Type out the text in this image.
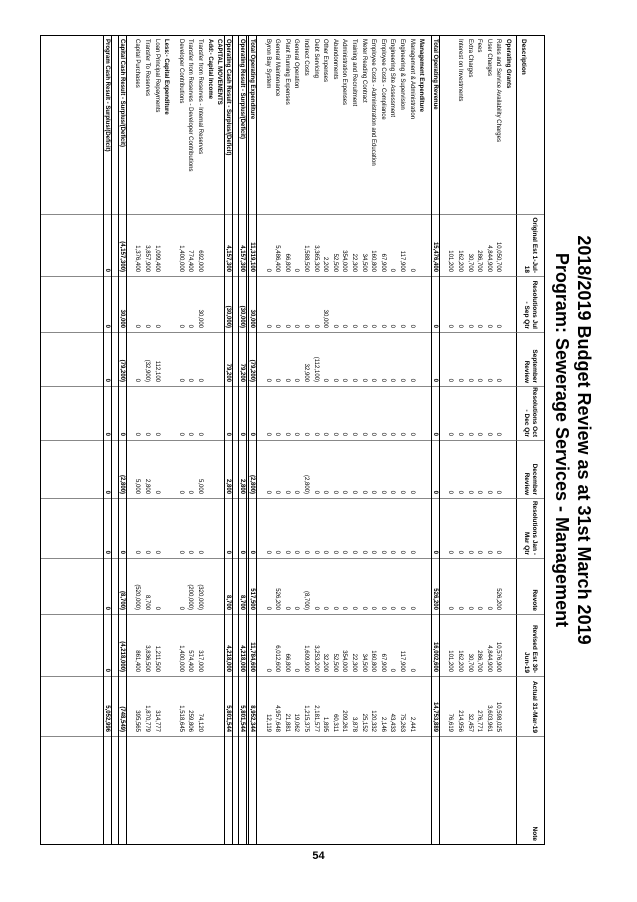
2018/2019 Budget Review as at 31st March 2019
Program: Sewerage Services - Management
Description
Original Est 1-Jul-18
Resolutions Jul - Sep Qtr
September Review
Resolutions Oct - Dec Qtr
December Review
Resolutions Jan - Mar Qtr
Revote
Revised Est 30-Jun-19
Actual 31-Mar-19
Note
Operating Grants
Rates and Service Availability Charges
10,050,700
0
0
0
0
0
526,200
10,576,900
10,598,025
User Charges
4,844,900
0
0
0
0
0
0
4,844,900
3,603,961
Fees
286,700
0
0
0
0
0
0
286,700
276,771
Extra Charges
30,700
0
0
0
0
0
0
30,700
32,457
Interest on Investments
162,200
0
0
0
0
0
0
162,200
214,956
101,200
0
0
0
0
0
0
101,200
76,619
Total Operating Revenue
15,476,400
0
0
0
0
0
526,200
16,002,600
14,753,889
Management Expenditure
Management & Administration
0
0
0
0
0
0
0
0
2,441
Engineering & Supervision
117,900
0
0
0
0
0
0
117,900
75,263
Engineering Site Assessment
0
0
0
0
0
0
0
0
43,433
Employee Costs - Compliance
67,900
0
0
0
0
0
0
67,900
2,146
Employee Costs - Administration and Education
160,800
0
0
0
0
0
0
160,800
120,332
Meter Reading Contract
34,500
0
0
0
0
0
0
34,500
25,152
Training and Recruitment
22,300
0
0
0
0
0
0
22,300
3,878
Administration Expenses
354,000
0
0
0
0
0
0
354,000
209,261
Abandonments
52,500
0
0
0
0
0
0
52,500
60,311
Other Expenses
2,200
30,000
0
0
0
0
0
32,200
1,895
Debt Servicing
3,365,300
0
(112,100)
0
0
0
0
3,253,200
2,181,577
Indirect Costs
1,588,500
0
32,900
0
(2,800)
0
(8,700)
1,609,900
1,215,375
General Operation
0
0
0
0
0
0
0
0
19,062
Plant Running Expenses
66,800
0
0
0
0
0
0
66,800
21,881
General Maintenance
5,486,400
0
0
0
0
0
526,200
6,012,600
4,957,648
Byron Bay System
0
0
0
0
0
0
0
0
12,119
Total Operating Expenditure
11,319,100
30,000
(79,200)
0
(2,800)
0
517,500
11,784,600
8,952,344
Operating Result - Surplus/(Deficit)
4,157,300
(30,000)
79,200
0
2,800
0
8,700
4,218,000
5,801,544
Operating Cash Result - Surplus/(Deficit)
4,157,300
(30,000)
79,200
0
2,800
0
8,700
4,218,000
5,801,544
CAPITAL MOVEMENTS
Add:- Capital Income
Transfer from Reserves - Internal Reserves
692,000
30,000
0
0
5,000
0
(320,000)
317,000
74,120
Transfer from Reserves - Developer Contributions
774,400
0
0
0
0
0
(200,000)
574,400
259,806
Developer Contributions
1,400,000
0
0
0
0
0
0
1,400,000
1,518,645
Less:- Capital Expenditure
Loan Principal Repayments
1,099,400
0
112,100
0
0
0
0
1,211,500
314,777
Transfer To Reserves
3,857,900
0
(32,900)
0
2,800
0
8,700
3,836,500
1,870,779
Capital Purchases
1,376,400
0
0
0
5,000
0
(520,000)
861,400
395,565
Capital Cash Result - Surplus/(Deficit)
(4,157,300)
30,000
(79,200)
0
(2,800)
0
(8,700)
(4,218,000)
(748,549)
Program Cash Result - Surplus/(Deficit)
0
0
0
0
0
0
0
0
5,052,996
54
